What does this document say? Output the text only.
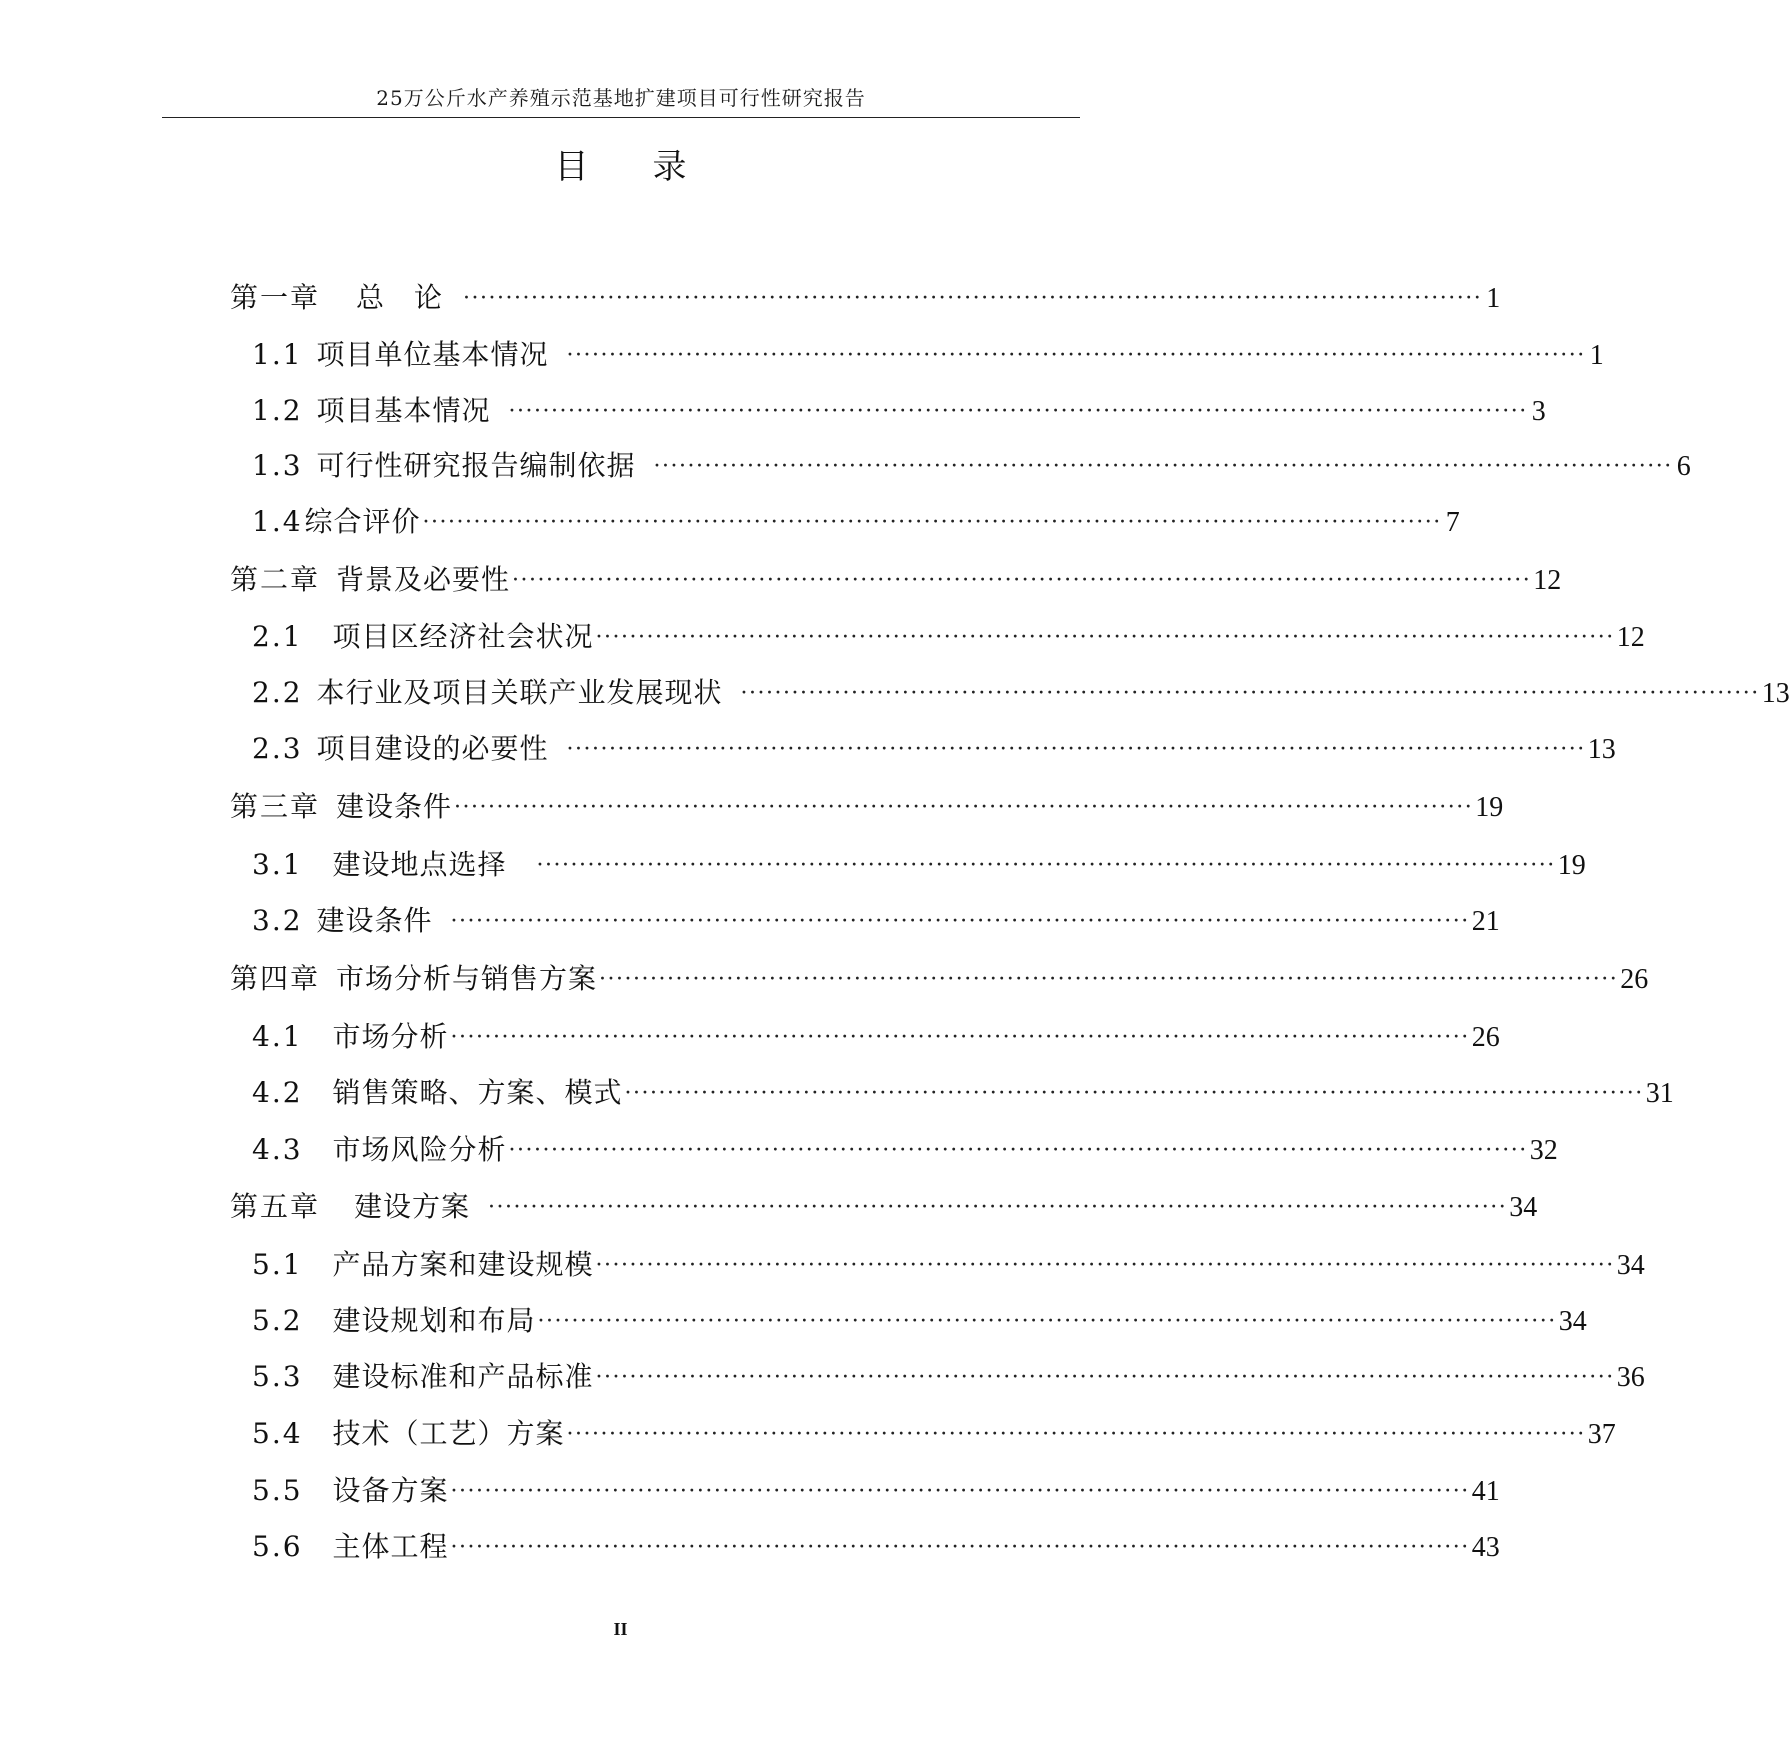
25万公斤水产养殖示范基地扩建项目可行性研究报告
目 录
第一章 总　论 ························································································································ 1
1.1 项目单位基本情况 ························································································································ 1
1.2 项目基本情况 ························································································································ 3
1.3 可行性研究报告编制依据 ························································································································ 6
1.4 综合评价 ························································································································ 7
第二章 背景及必要性 ························································································································ 12
2.1 项目区经济社会状况 ························································································································ 12
2.2 本行业及项目关联产业发展现状 ························································································································ 13
2.3 项目建设的必要性 ························································································································ 13
第三章 建设条件 ························································································································ 19
3.1 建设地点选择 ························································································································ 19
3.2 建设条件 ························································································································ 21
第四章 市场分析与销售方案 ························································································································ 26
4.1 市场分析 ························································································································ 26
4.2 销售策略、方案、模式 ························································································································ 31
4.3 市场风险分析 ························································································································ 32
第五章 建设方案 ························································································································ 34
5.1 产品方案和建设规模 ························································································································ 34
5.2 建设规划和布局 ························································································································ 34
5.3 建设标准和产品标准 ························································································································ 36
5.4 技术（工艺）方案 ························································································································ 37
5.5 设备方案 ························································································································ 41
5.6 主体工程 ························································································································ 43
II
